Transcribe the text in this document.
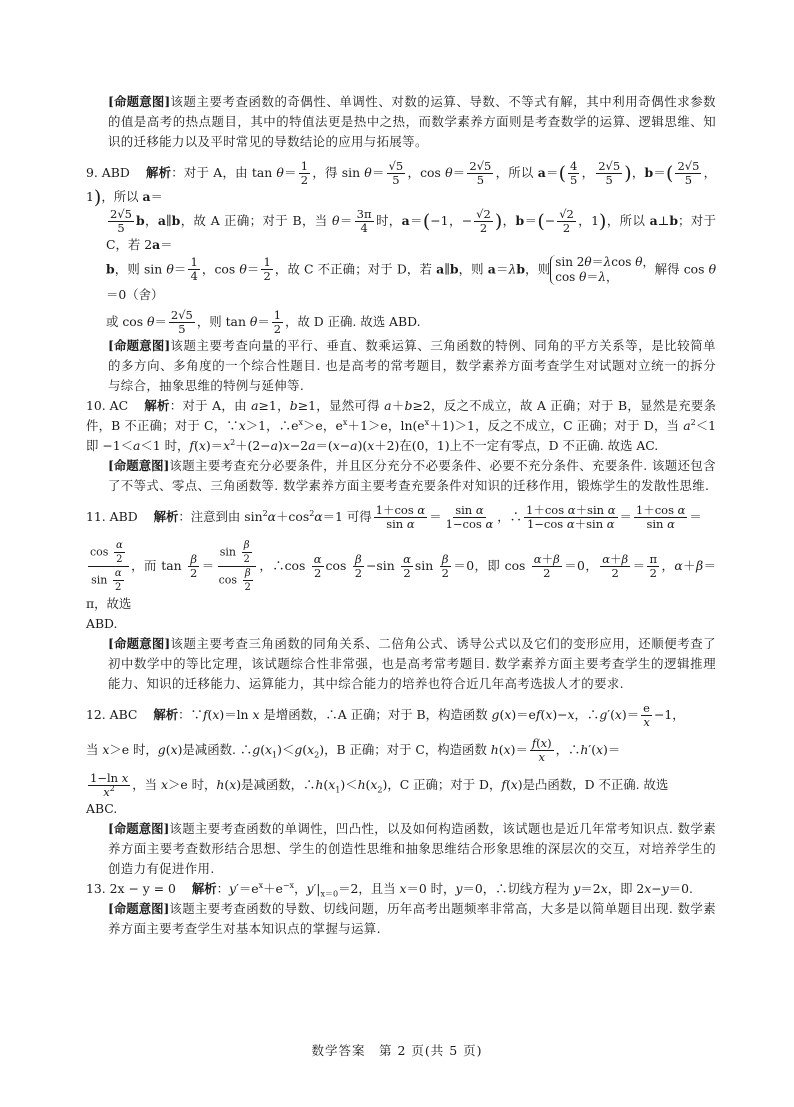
[命题意图]该题主要考查函数的奇偶性、单调性、对数的运算、导数、不等式有解，其中利用奇偶性求参数的值是高考的热点题目，其中的特值法更是热中之热，而数学素养方面则是考查数学的运算、逻辑思维、知识的迁移能力以及平时常见的导数结论的应用与拓展等。

9. ABD 解析：对于 A，由 $\tan \theta= \frac{1}{2}$ ，得 $\sin \theta= \frac{√5}{5}$ ，$\cos \theta= \frac{2√5}{5}$ ，所以 $a=( \frac{4}{5}$ ， $\frac{2√5}{5}$ )，$b=( \frac{2√5}{5}$ ，1)，所以 a＝

$\frac{2√5}{5}$ b，a∥b，故 A 正确；对于 B，当 $\theta= \frac{3\pi}{4}$ 时，a＝(−1，− $\frac{√2}{2}$ )，$b=(- \frac{√2}{2}$ ，1)，所以 a⊥b；对于 C，若 2a＝

b，则 $\sin \theta= \frac{1}{4}$ ，$\cos \theta= \frac{1}{2}$ ，故 C 不正确；对于 D，若 a∥b，则 a＝λb，则 sin 2θ＝λcos θ，
cos θ＝λ，解得 cos θ＝0（舍）

或 $\cos \theta= \frac{2√5}{5}$ ，则 $\tan \theta= \frac{1}{2}$ ，故 D 正确. 故选 ABD.

[命题意图]该题主要考查向量的平行、垂直、数乘运算、三角函数的特例、同角的平方关系等，是比较简单的多方向、多角度的一个综合性题目. 也是高考的常考题目，数学素养方面考查学生对试题对立统一的拆分与综合，抽象思维的特例与延伸等.

10. AC 解析：对于 A，由 a≥1，b≥1，显然可得 a＋b≥2，反之不成立，故 A 正确；对于 B，显然是充要条件，B 不正确；对于 C，∵x＞1，$\therefore e^x>e$，$e^x+1>e$，$\ln(e^x+1)>1$，反之不成立，C 正确；对于 D，当 $a^2<1$ 即 −1＜a＜1 时，$f(x)=x^2+(2-a)x-2a=(x-a)(x+2)$在(0，1)上不一定有零点，D 不正确. 故选 AC.

[命题意图]该题主要考查充分必要条件，并且区分充分不必要条件、必要不充分条件、充要条件. 该题还包含了不等式、零点、三角函数等. 数学素养方面主要考查充要条件对知识的迁移作用，锻炼学生的发散性思维.

11. ABD 解析：注意到由 $\sin^2\alpha+\cos^2\alpha=1$ 可得 $\frac{\text{1＋cos α}}{\text{sin α}} = \frac{\text{sin α}}{\text{1−cos α}}$ ，∴ $\frac{\text{1＋cos α＋sin α}}{\text{1−cos α＋sin α}} = \frac{\text{1＋cos α}}{\text{sin α}}$ ＝

$\frac{\cos \frac{\alpha}{2}}{\sin \frac{\alpha}{2}}$ ，而 $\tan \frac{\beta}{2} = \frac{\sin \frac{\beta}{2}}{\cos \frac{\beta}{2}}$ ，∴cos $\frac{\alpha}{2}$ $\cos \frac{\beta}{2} -\sin \frac{\alpha}{2}$ $\sin \frac{\beta}{2} =0$，即 $\cos \frac{\alpha+\beta}{2} =0$， $\frac{\alpha+\beta}{2} = \frac{\pi}{2}$ ，α＋β＝π，故选

ABD.

[命题意图]该题主要考查三角函数的同角关系、二倍角公式、诱导公式以及它们的变形应用，还顺便考查了初中数学中的等比定理，该试题综合性非常强，也是高考常考题目. 数学素养方面主要考查学生的逻辑推理能力、知识的迁移能力、运算能力，其中综合能力的培养也符合近几年高考选拔人才的要求.

12. ABC 解析：∵f(x)＝ln x 是增函数，∴A 正确；对于 B，构造函数 g(x)＝ef(x)−x，∴g′(x)＝ $\frac{e}{x} -1$，

当 x＞e 时，g(x)是减函数. $\therefore g(x_1)<g(x_2)$，B 正确；对于 C，构造函数 $h(x)= \frac{f(x)}{x}$ ，∴h′(x)＝

$\frac{\text{1−ln x}}{x^2}$ ，当 x＞e 时，h(x)是减函数，$\therefore h(x_1)<h(x_2)$，C 正确；对于 D，f(x)是凸函数，D 不正确. 故选

ABC.

[命题意图]该题主要考查函数的单调性，凹凸性，以及如何构造函数，该试题也是近几年常考知识点. 数学素养方面主要考查数形结合思想、学生的创造性思维和抽象思维结合形象思维的深层次的交互，对培养学生的创造力有促进作用.

13. 2x − y = 0 解析：$y'=e^x+e^{-x}$，$y'|_{x=0}=2$，且当 x＝0 时，y＝0，∴切线方程为 y＝2x，即 2x−y＝0.

[命题意图]该题主要考查函数的导数、切线问题，历年高考出题频率非常高，大多是以简单题目出现. 数学素养方面主要考查学生对基本知识点的掌握与运算.

数学答案　第 2 页(共 5 页)
